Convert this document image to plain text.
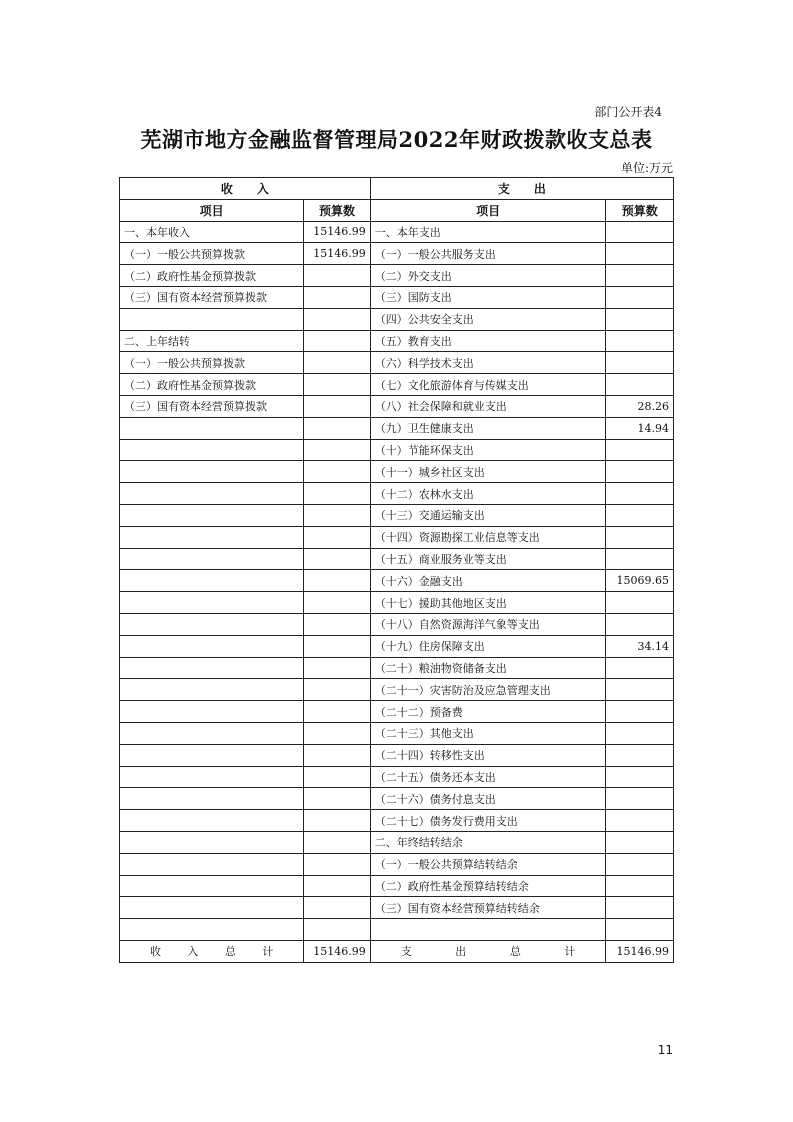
部门公开表4
芜湖市地方金融监督管理局2022年财政拨款收支总表
单位:万元
收　　入		支　　出	
项目	预算数	项目	预算数
一、本年收入	15146.99	一、本年支出	
（一）一般公共预算拨款	15146.99	（一）一般公共服务支出	
（二）政府性基金预算拨款		（二）外交支出	
（三）国有资本经营预算拨款		（三）国防支出	
		（四）公共安全支出	
二、上年结转		（五）教育支出	
（一）一般公共预算拨款		（六）科学技术支出	
（二）政府性基金预算拨款		（七）文化旅游体育与传媒支出	
（三）国有资本经营预算拨款		（八）社会保障和就业支出	28.26
		（九）卫生健康支出	14.94
		（十）节能环保支出	
		（十一）城乡社区支出	
		（十二）农林水支出	
		（十三）交通运输支出	
		（十四）资源勘探工业信息等支出	
		（十五）商业服务业等支出	
		（十六）金融支出	15069.65
		（十七）援助其他地区支出	
		（十八）自然资源海洋气象等支出	
		（十九）住房保障支出	34.14
		（二十）粮油物资储备支出	
		（二十一）灾害防治及应急管理支出	
		（二十二）预备费	
		（二十三）其他支出	
		（二十四）转移性支出	
		（二十五）债务还本支出	
		（二十六）债务付息支出	
		（二十七）债务发行费用支出	
		二、年终结转结余	
		（一）一般公共预算结转结余	
		（二）政府性基金预算结转结余	
		（三）国有资本经营预算结转结余	

收 入 总 计	15146.99	支 出 总 计	15146.99
11
